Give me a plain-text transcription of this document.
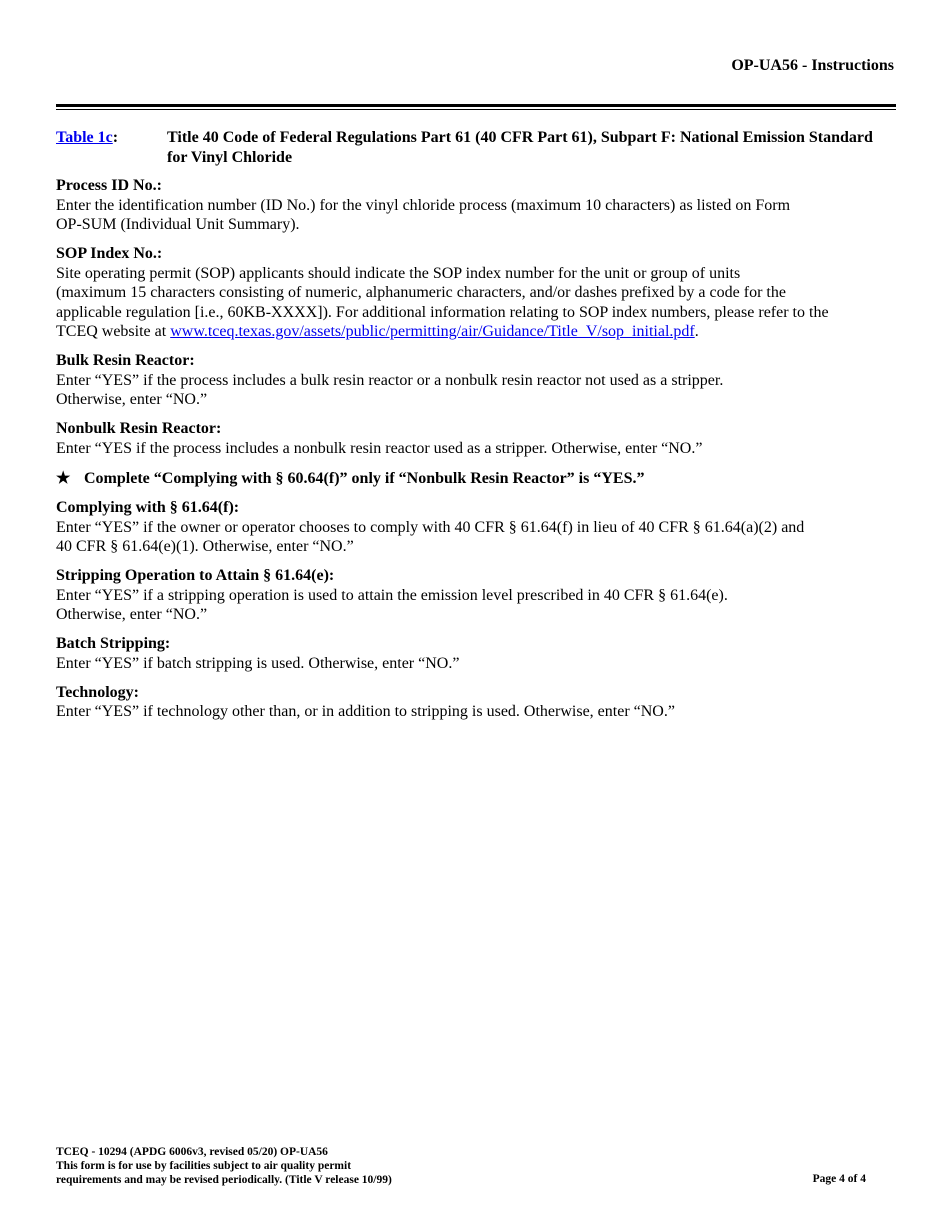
OP-UA56 - Instructions
Table 1c:	Title 40 Code of Federal Regulations Part 61 (40 CFR Part 61), Subpart F: National Emission Standard for Vinyl Chloride
Process ID No.:
Enter the identification number (ID No.) for the vinyl chloride process (maximum 10 characters) as listed on Form
OP-SUM (Individual Unit Summary).
SOP Index No.:
Site operating permit (SOP) applicants should indicate the SOP index number for the unit or group of units
(maximum 15 characters consisting of numeric, alphanumeric characters, and/or dashes prefixed by a code for the
applicable regulation [i.e., 60KB-XXXX]). For additional information relating to SOP index numbers, please refer to the
TCEQ website at www.tceq.texas.gov/assets/public/permitting/air/Guidance/Title_V/sop_initial.pdf.
Bulk Resin Reactor:
Enter “YES” if the process includes a bulk resin reactor or a nonbulk resin reactor not used as a stripper.
Otherwise, enter “NO.”
Nonbulk Resin Reactor:
Enter “YES if the process includes a nonbulk resin reactor used as a stripper. Otherwise, enter “NO.”
★ Complete “Complying with § 60.64(f)” only if “Nonbulk Resin Reactor” is “YES.”
Complying with § 61.64(f):
Enter “YES” if the owner or operator chooses to comply with 40 CFR § 61.64(f) in lieu of 40 CFR § 61.64(a)(2) and
40 CFR § 61.64(e)(1). Otherwise, enter “NO.”
Stripping Operation to Attain § 61.64(e):
Enter “YES” if a stripping operation is used to attain the emission level prescribed in 40 CFR § 61.64(e).
Otherwise, enter “NO.”
Batch Stripping:
Enter “YES” if batch stripping is used. Otherwise, enter “NO.”
Technology:
Enter “YES” if technology other than, or in addition to stripping is used. Otherwise, enter “NO.”
TCEQ - 10294 (APDG 6006v3, revised 05/20) OP-UA56
This form is for use by facilities subject to air quality permit
requirements and may be revised periodically. (Title V release 10/99)	Page 4 of 4
